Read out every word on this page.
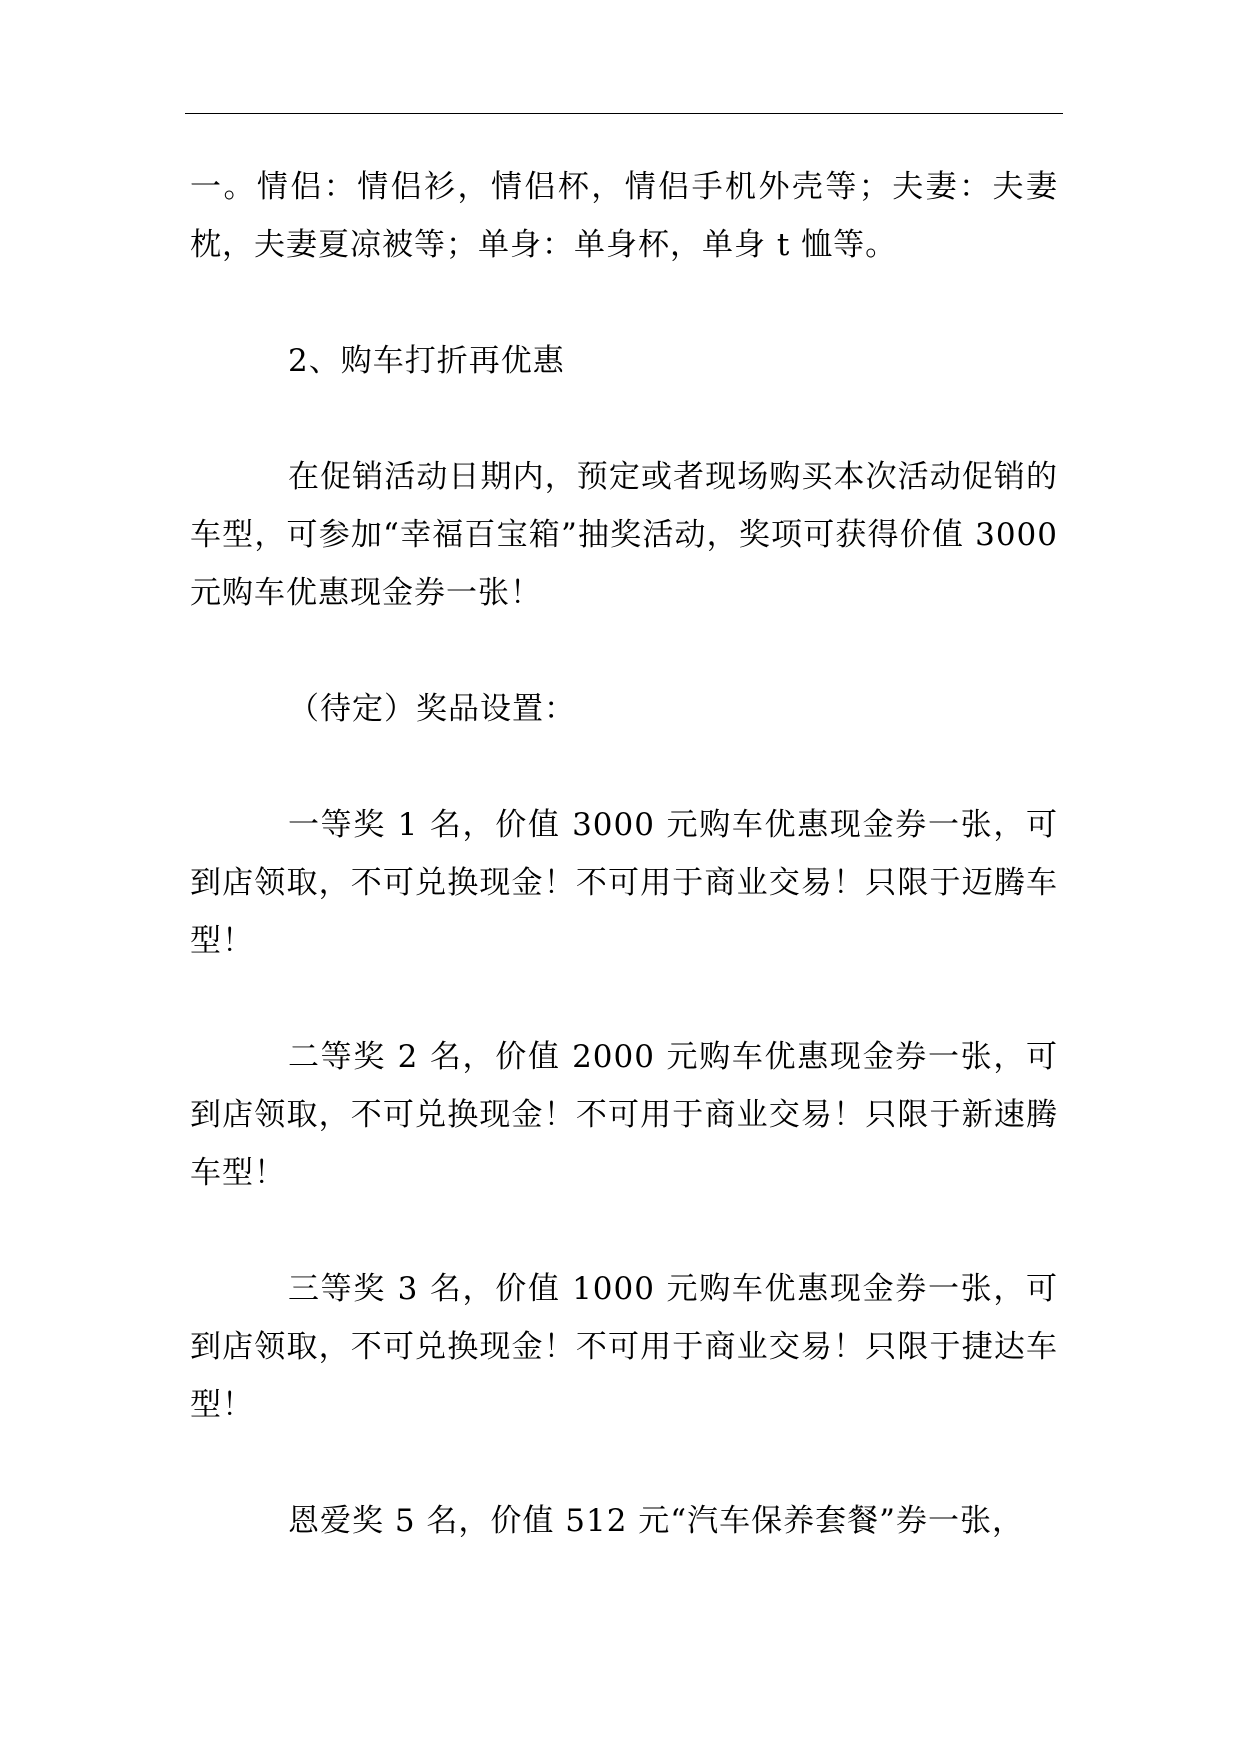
一。情侣：情侣衫，情侣杯，情侣手机外壳等；夫妻：夫妻枕，夫妻夏凉被等；单身：单身杯，单身 t 恤等。

2、购车打折再优惠

在促销活动日期内，预定或者现场购买本次活动促销的车型，可参加“幸福百宝箱”抽奖活动，奖项可获得价值 3000 元购车优惠现金券一张！

（待定）奖品设置：

一等奖 1 名，价值 3000 元购车优惠现金券一张，可到店领取，不可兑换现金！不可用于商业交易！只限于迈腾车型！

二等奖 2 名，价值 2000 元购车优惠现金券一张，可到店领取，不可兑换现金！不可用于商业交易！只限于新速腾车型！

三等奖 3 名，价值 1000 元购车优惠现金券一张，可到店领取，不可兑换现金！不可用于商业交易！只限于捷达车型！

恩爱奖 5 名，价值 512 元“汽车保养套餐”券一张，
